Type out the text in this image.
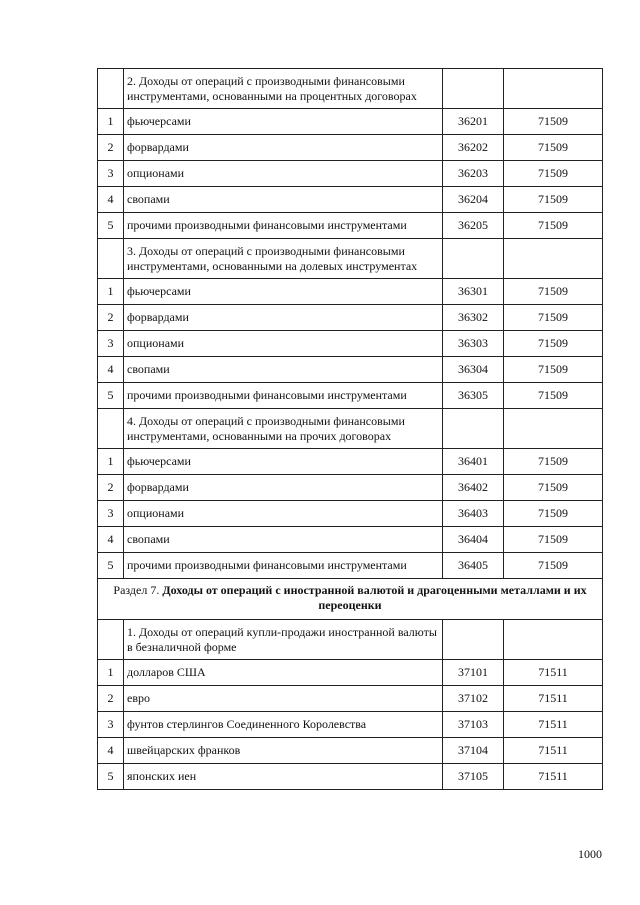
	2. Доходы от операций с производными финансовыми инструментами, основанными на процентных договорах		
1	фьючерсами	36201	71509
2	форвардами	36202	71509
3	опционами	36203	71509
4	свопами	36204	71509
5	прочими производными финансовыми инструментами	36205	71509
	3. Доходы от операций с производными финансовыми инструментами, основанными на долевых инструментах		
1	фьючерсами	36301	71509
2	форвардами	36302	71509
3	опционами	36303	71509
4	свопами	36304	71509
5	прочими производными финансовыми инструментами	36305	71509
	4. Доходы от операций с производными финансовыми инструментами, основанными на прочих договорах		
1	фьючерсами	36401	71509
2	форвардами	36402	71509
3	опционами	36403	71509
4	свопами	36404	71509
5	прочими производными финансовыми инструментами	36405	71509
Раздел 7. Доходы от операций с иностранной валютой и драгоценными металлами и их переоценки			
	1. Доходы от операций купли-продажи иностранной валюты в безналичной форме		
1	долларов США	37101	71511
2	евро	37102	71511
3	фунтов стерлингов Соединенного Королевства	37103	71511
4	швейцарских франков	37104	71511
5	японских иен	37105	71511
1000
